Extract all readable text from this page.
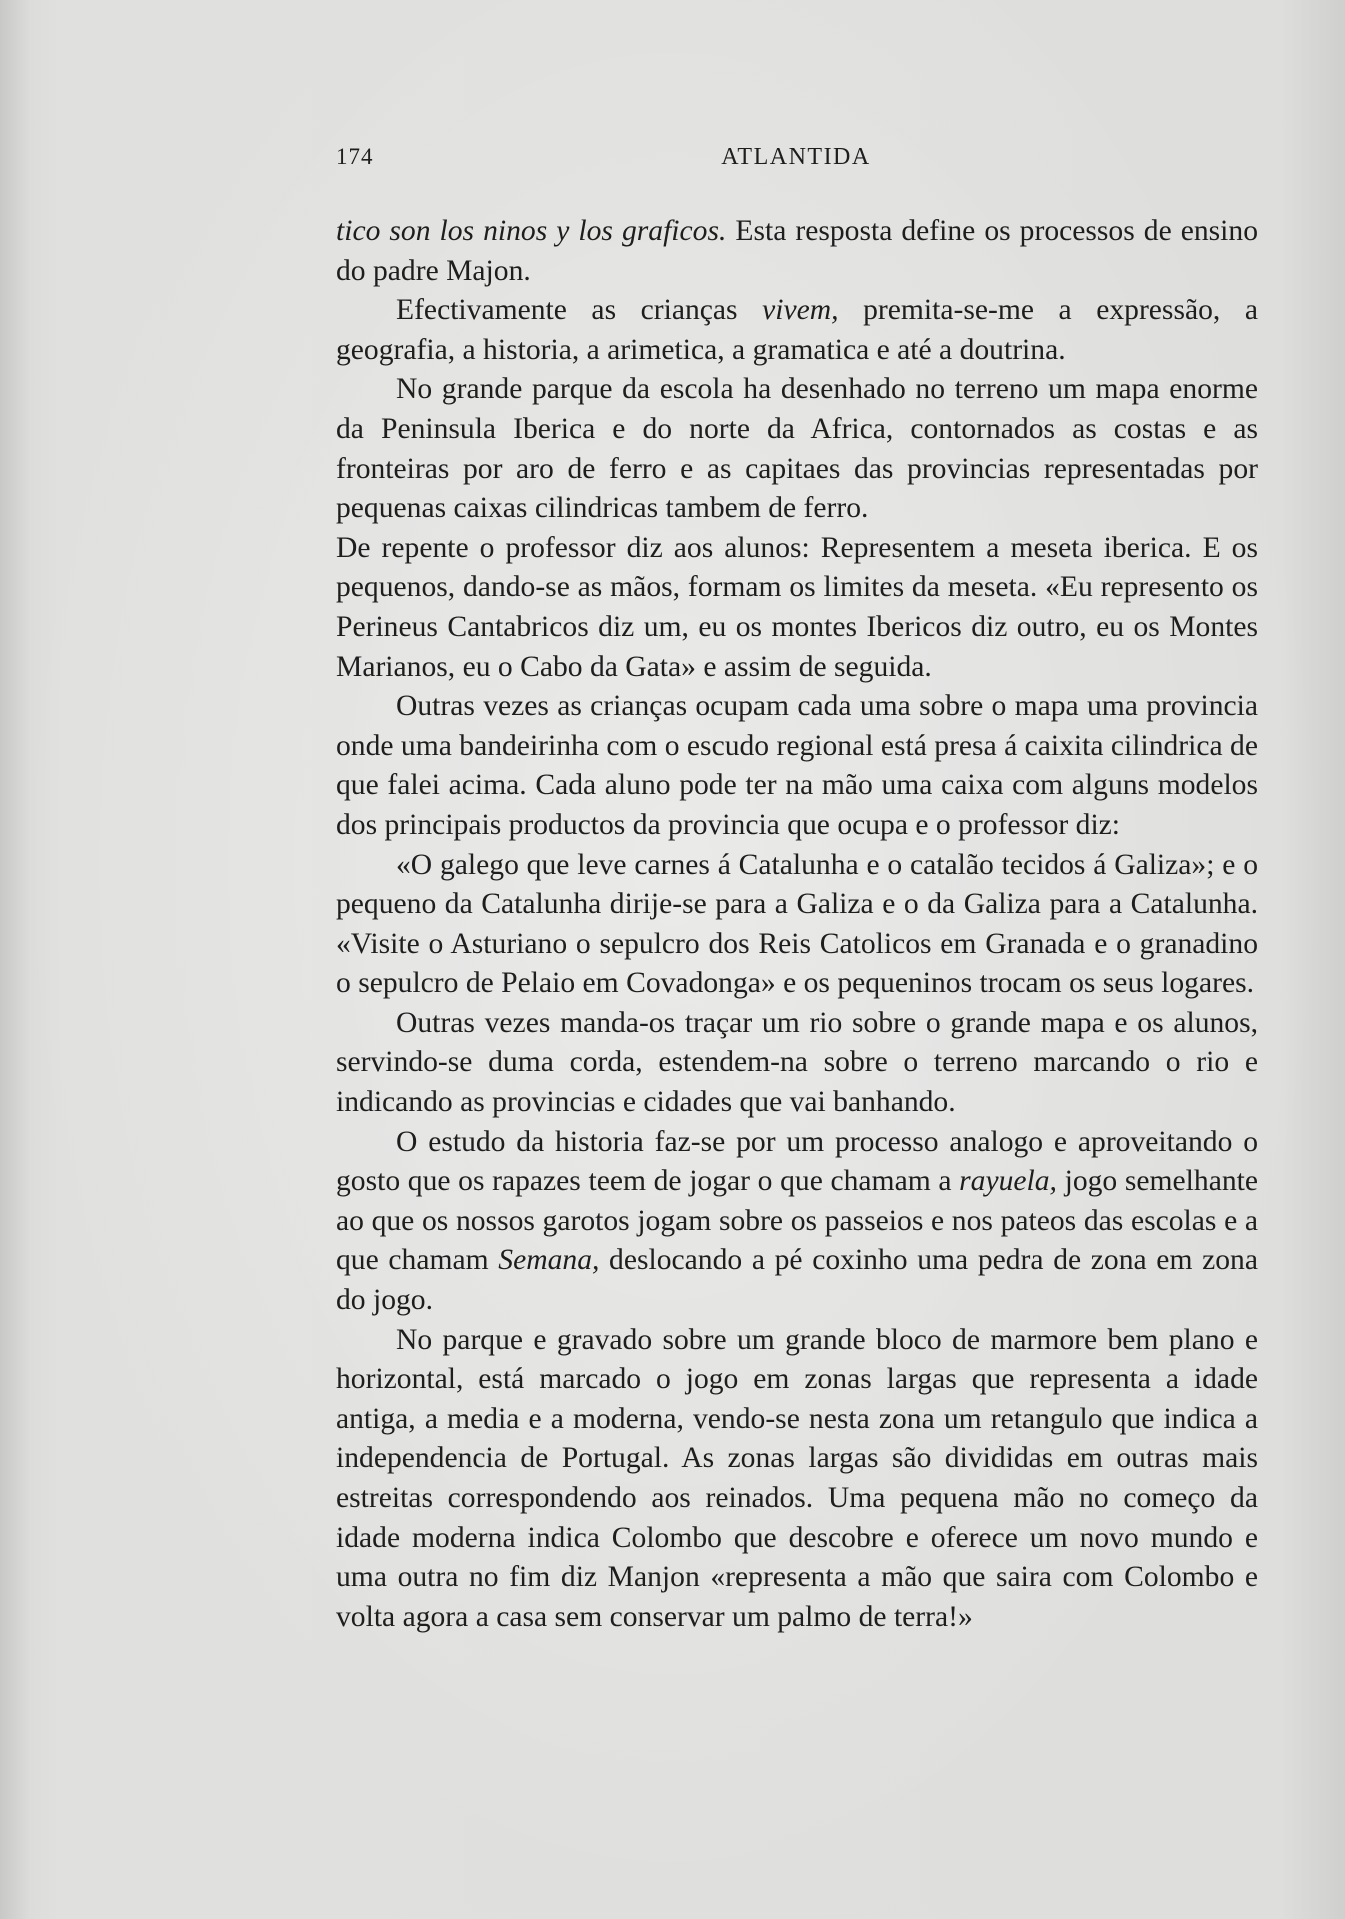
174	ATLANTIDA

tico son los ninos y los graficos. Esta resposta define os processos de ensino do padre Majon.

Efectivamente as crianças vivem, premita-se-me a expressão, a geografia, a historia, a arimetica, a gramatica e até a doutrina.

No grande parque da escola ha desenhado no terreno um mapa enorme da Peninsula Iberica e do norte da Africa, contornados as costas e as fronteiras por aro de ferro e as capitaes das provincias representadas por pequenas caixas cilindricas tambem de ferro.

De repente o professor diz aos alunos: Representem a meseta iberica. E os pequenos, dando-se as mãos, formam os limites da meseta. «Eu represento os Perineus Cantabricos diz um, eu os montes Ibericos diz outro, eu os Montes Marianos, eu o Cabo da Gata» e assim de seguida.

Outras vezes as crianças ocupam cada uma sobre o mapa uma provincia onde uma bandeirinha com o escudo regional está presa á caixita cilindrica de que falei acima. Cada aluno pode ter na mão uma caixa com alguns modelos dos principais productos da provincia que ocupa e o professor diz:

«O galego que leve carnes á Catalunha e o catalão tecidos á Galiza»; e o pequeno da Catalunha dirije-se para a Galiza e o da Galiza para a Catalunha. «Visite o Asturiano o sepulcro dos Reis Catolicos em Granada e o granadino o sepulcro de Pelaio em Covadonga» e os pequeninos trocam os seus logares.

Outras vezes manda-os traçar um rio sobre o grande mapa e os alunos, servindo-se duma corda, estendem-na sobre o terreno marcando o rio e indicando as provincias e cidades que vai banhando.

O estudo da historia faz-se por um processo analogo e aproveitando o gosto que os rapazes teem de jogar o que chamam a rayuela, jogo semelhante ao que os nossos garotos jogam sobre os passeios e nos pateos das escolas e a que chamam Semana, deslocando a pé coxinho uma pedra de zona em zona do jogo.

No parque e gravado sobre um grande bloco de marmore bem plano e horizontal, está marcado o jogo em zonas largas que representa a idade antiga, a media e a moderna, vendo-se nesta zona um retangulo que indica a independencia de Portugal. As zonas largas são divididas em outras mais estreitas correspondendo aos reinados. Uma pequena mão no começo da idade moderna indica Colombo que descobre e oferece um novo mundo e uma outra no fim diz Manjon «representa a mão que saira com Colombo e volta agora a casa sem conservar um palmo de terra!»
